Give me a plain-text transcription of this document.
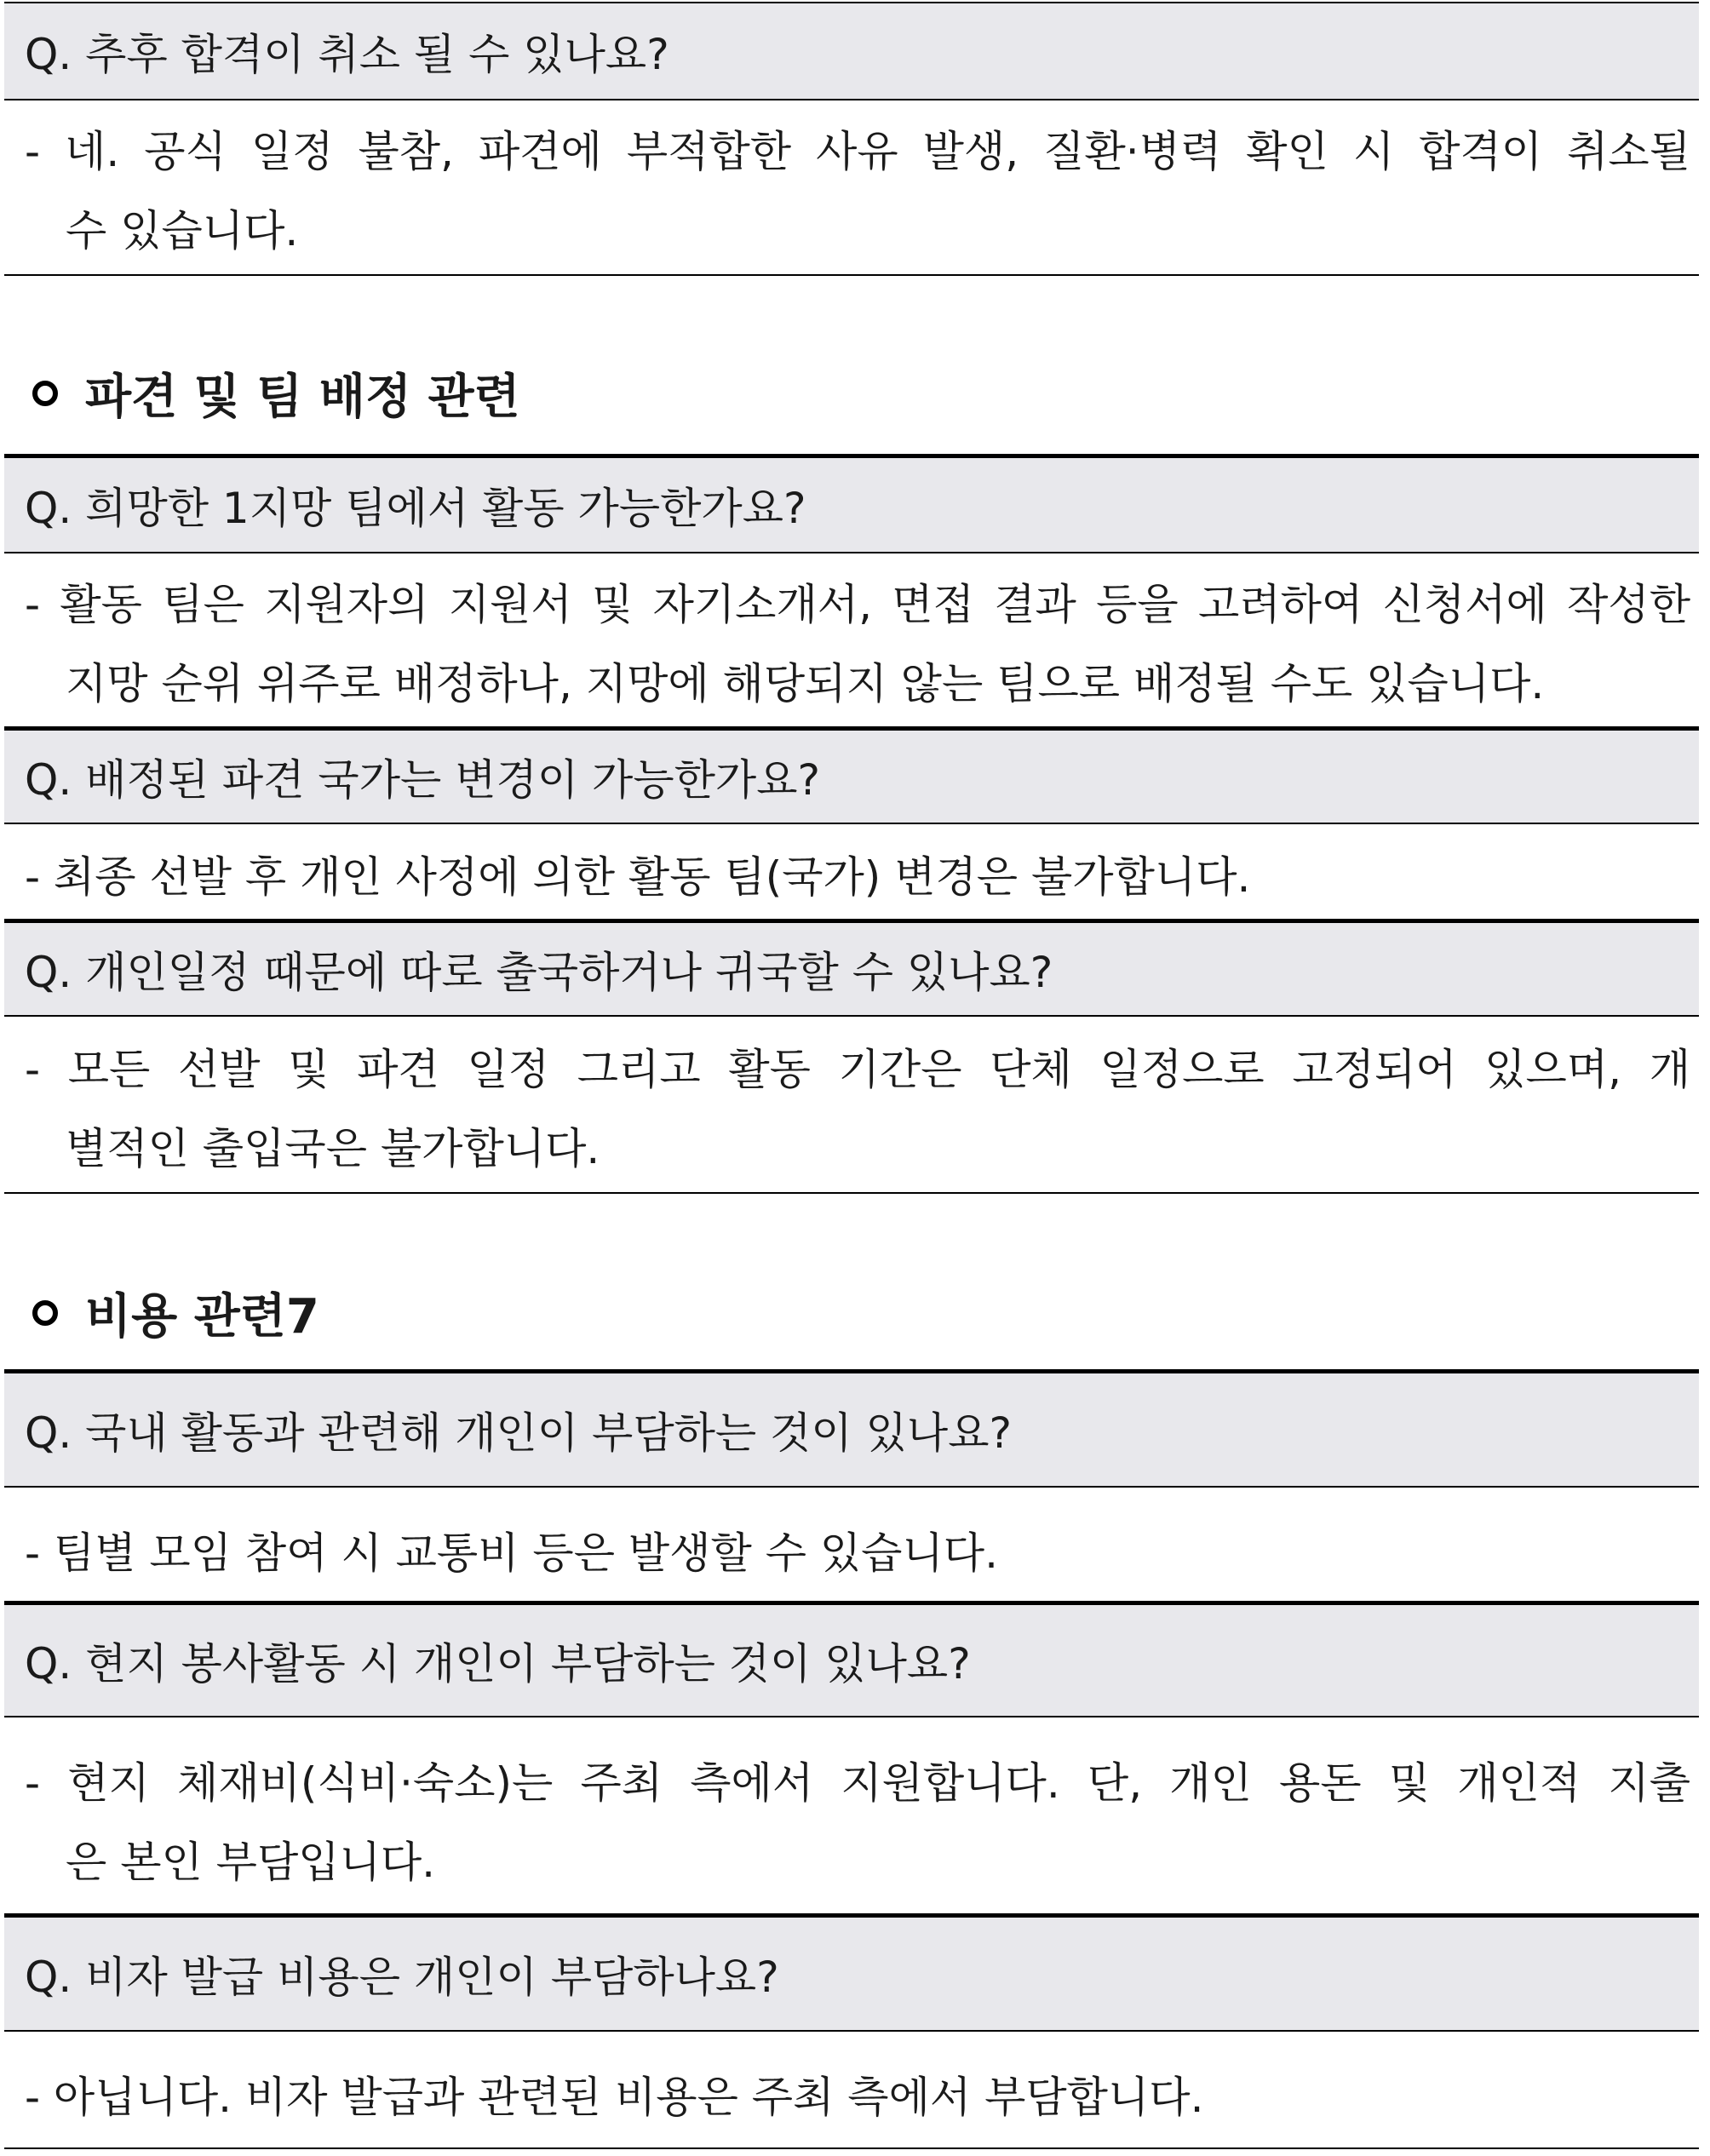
Q. 추후 합격이 취소 될 수 있나요?
- 네. 공식 일정 불참, 파견에 부적합한 사유 발생, 질환·병력 확인 시 합격이 취소될
수 있습니다.
파견 및 팀 배정 관련
Q. 희망한 1지망 팀에서 활동 가능한가요?
- 활동 팀은 지원자의 지원서 및 자기소개서, 면접 결과 등을 고려하여 신청서에 작성한
지망 순위 위주로 배정하나, 지망에 해당되지 않는 팀으로 배정될 수도 있습니다.
Q. 배정된 파견 국가는 변경이 가능한가요?
- 최종 선발 후 개인 사정에 의한 활동 팀(국가) 변경은 불가합니다.
Q. 개인일정 때문에 따로 출국하거나 귀국할 수 있나요?
- 모든 선발 및 파견 일정 그리고 활동 기간은 단체 일정으로 고정되어 있으며, 개
별적인 출입국은 불가합니다.
비용 관련7
Q. 국내 활동과 관련해 개인이 부담하는 것이 있나요?
- 팀별 모임 참여 시 교통비 등은 발생할 수 있습니다.
Q. 현지 봉사활동 시 개인이 부담하는 것이 있나요?
- 현지 체재비(식비·숙소)는 주최 측에서 지원합니다. 단, 개인 용돈 및 개인적 지출
은 본인 부담입니다.
Q. 비자 발급 비용은 개인이 부담하나요?
- 아닙니다. 비자 발급과 관련된 비용은 주최 측에서 부담합니다.
